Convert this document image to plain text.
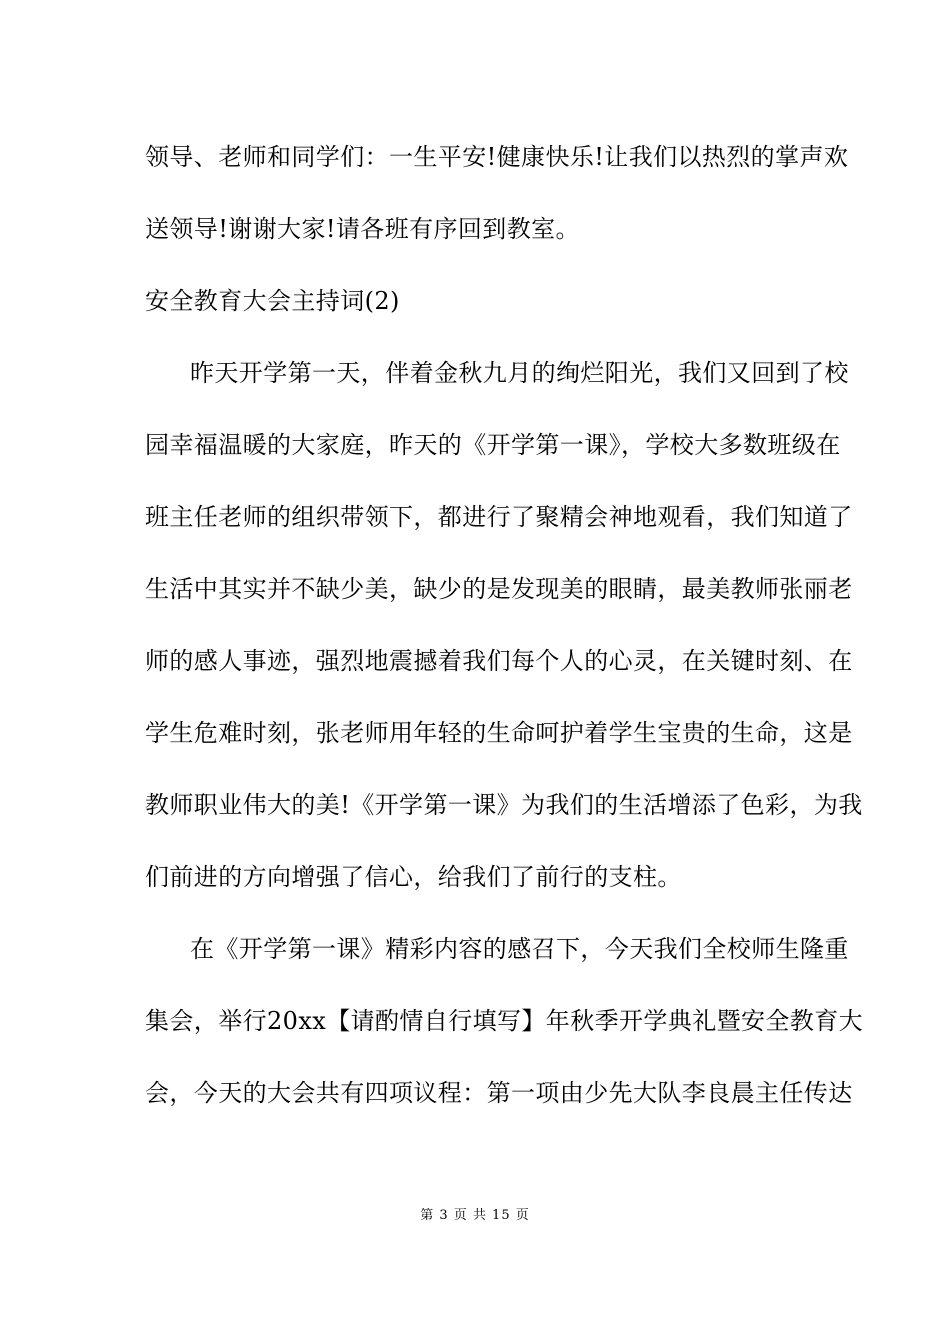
领导、老师和同学们：一生平安!健康快乐!让我们以热烈的掌声欢
送领导!谢谢大家!请各班有序回到教室。
安全教育大会主持词(2)
昨天开学第一天，伴着金秋九月的绚烂阳光，我们又回到了校
园幸福温暖的大家庭，昨天的《开学第一课》，学校大多数班级在
班主任老师的组织带领下，都进行了聚精会神地观看，我们知道了
生活中其实并不缺少美，缺少的是发现美的眼睛，最美教师张丽老
师的感人事迹，强烈地震撼着我们每个人的心灵，在关键时刻、在
学生危难时刻，张老师用年轻的生命呵护着学生宝贵的生命，这是
教师职业伟大的美!《开学第一课》为我们的生活增添了色彩，为我
们前进的方向增强了信心，给我们了前行的支柱。
在《开学第一课》精彩内容的感召下，今天我们全校师生隆重
集会，举行20xx【请酌情自行填写】年秋季开学典礼暨安全教育大
会，今天的大会共有四项议程：第一项由少先大队李良晨主任传达
第 3 页 共 15 页
